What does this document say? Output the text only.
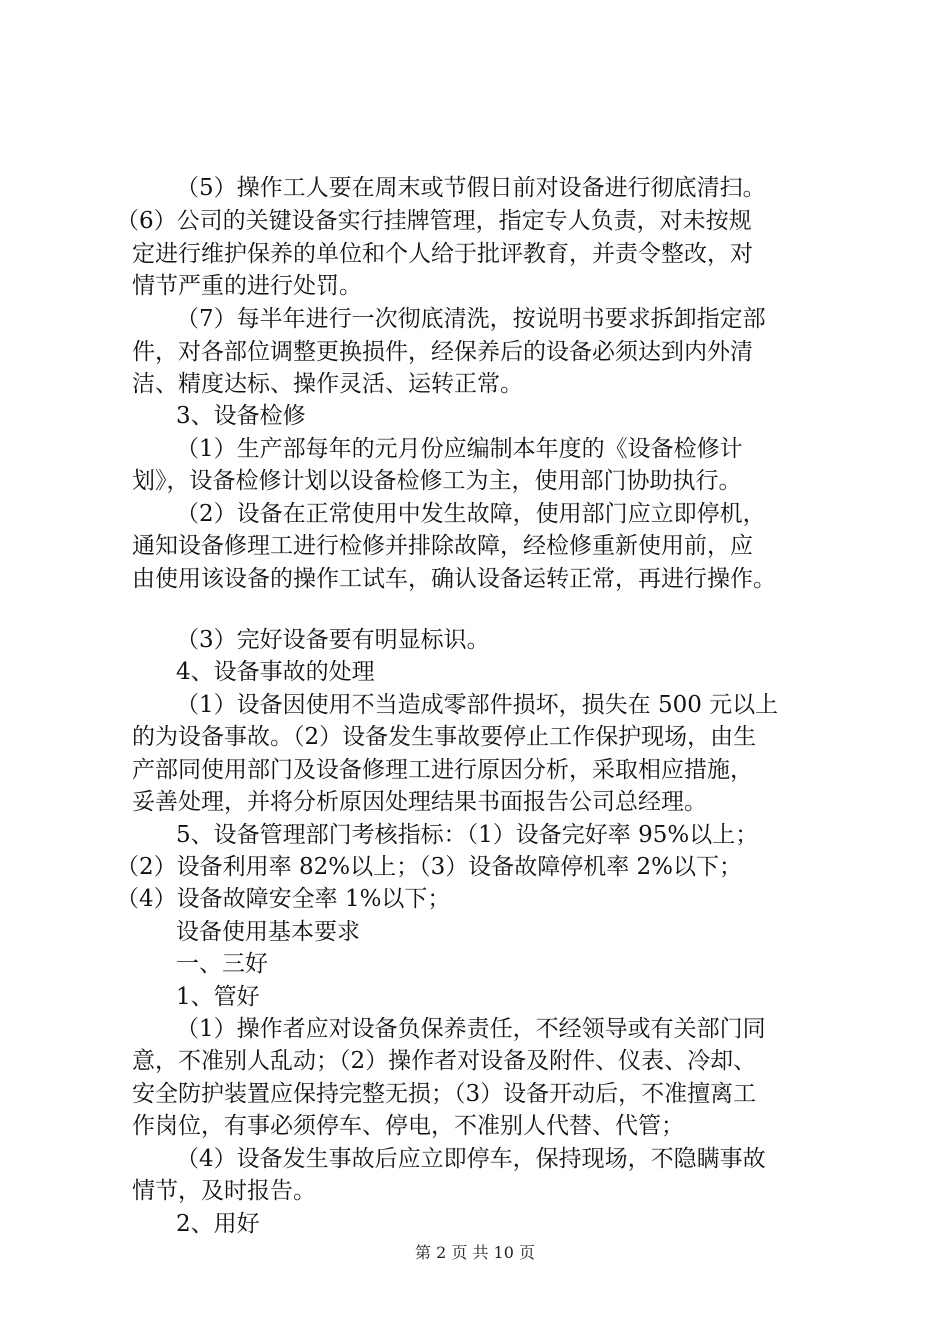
（5）操作工人要在周末或节假日前对设备进行彻底清扫。
（6）公司的关键设备实行挂牌管理，指定专人负责，对未按规
定进行维护保养的单位和个人给于批评教育，并责令整改，对
情节严重的进行处罚。
（7）每半年进行一次彻底清洗，按说明书要求拆卸指定部
件，对各部位调整更换损件，经保养后的设备必须达到内外清
洁、精度达标、操作灵活、运转正常。
3、设备检修
（1）生产部每年的元月份应编制本年度的《设备检修计
划》，设备检修计划以设备检修工为主，使用部门协助执行。
（2）设备在正常使用中发生故障，使用部门应立即停机，
通知设备修理工进行检修并排除故障，经检修重新使用前，应
由使用该设备的操作工试车，确认设备运转正常，再进行操作。
（3）完好设备要有明显标识。
4、设备事故的处理
（1）设备因使用不当造成零部件损坏，损失在 500 元以上
的为设备事故。（2）设备发生事故要停止工作保护现场，由生
产部同使用部门及设备修理工进行原因分析，采取相应措施，
妥善处理，并将分析原因处理结果书面报告公司总经理。
5、设备管理部门考核指标：（1）设备完好率 95%以上；
（2）设备利用率 82%以上；（3）设备故障停机率 2%以下；
（4）设备故障安全率 1%以下；
设备使用基本要求
一、三好
1、管好
（1）操作者应对设备负保养责任，不经领导或有关部门同
意，不准别人乱动；（2）操作者对设备及附件、仪表、冷却、
安全防护装置应保持完整无损；（3）设备开动后，不准擅离工
作岗位，有事必须停车、停电，不准别人代替、代管；
（4）设备发生事故后应立即停车，保持现场，不隐瞒事故
情节，及时报告。
2、用好
第 2 页 共 10 页
